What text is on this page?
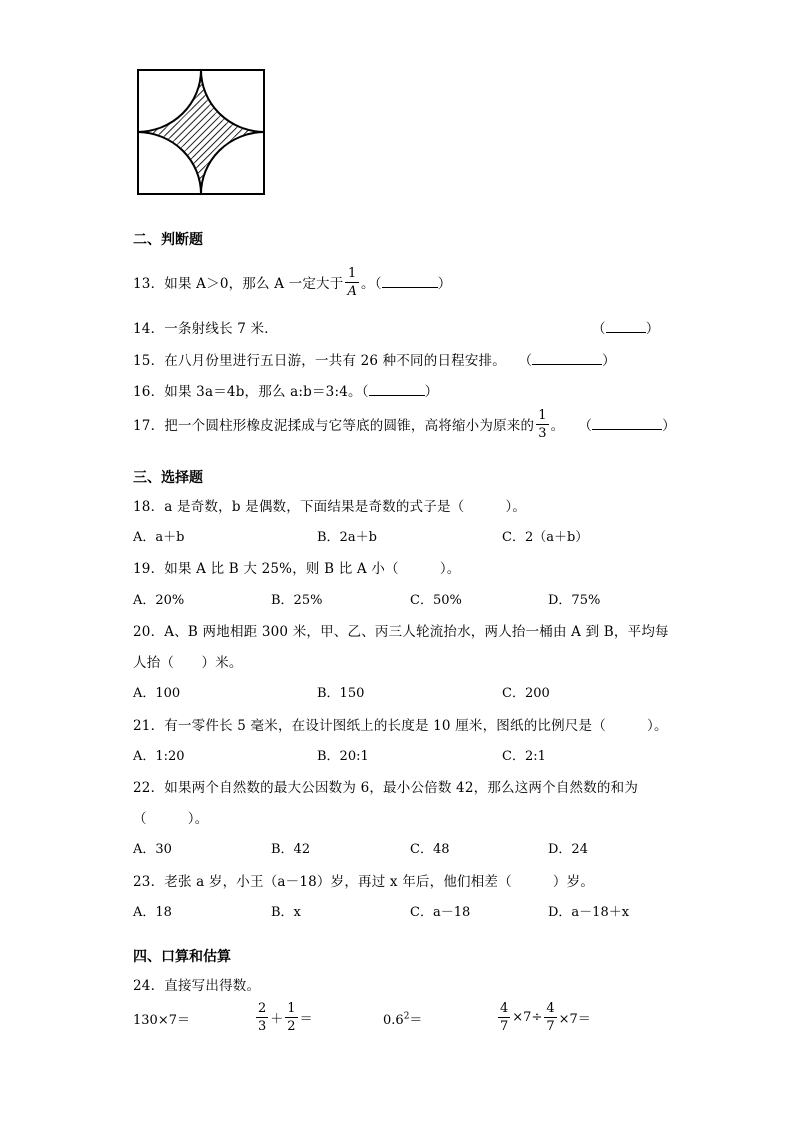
二、判断题
13．如果 A＞0，那么 A 一定大于 $\frac{1}{A}$ 。（	）
14．一条射线长 7 米．	（	）
15．在八月份里进行五日游，一共有 26 种不同的日程安排。 （	）
16．如果 3a＝4b，那么 a:b＝3:4。（	）
17．把一个圆柱形橡皮泥揉成与它等底的圆锥，高将缩小为原来的 $\frac{1}{3}$ 。 （	）
三、选择题
18．a 是奇数，b 是偶数，下面结果是奇数的式子是（　　　）。
A．a＋b	B．2a＋b	C．2（a＋b）
19．如果 A 比 B 大 25%，则 B 比 A 小（　　　）。
A．20%	B．25%	C．50%	D．75%
20．A、B 两地相距 300 米，甲、乙、丙三人轮流抬水，两人抬一桶由 A 到 B，平均每
人抬（　　）米。
A．100	B．150	C．200
21．有一零件长 5 毫米，在设计图纸上的长度是 10 厘米，图纸的比例尺是（　　　）。
A．1:20	B．20:1	C．2:1
22．如果两个自然数的最大公因数为 6，最小公倍数 42，那么这两个自然数的和为
（　　　）。
A．30	B．42	C．48	D．24
23．老张 a 岁，小王（a－18）岁，再过 x 年后，他们相差（　　　）岁。
A．18	B．x	C．a－18	D．a－18＋x
四、口算和估算
24．直接写出得数。
130×7＝	$\frac{2}{3} + \frac{1}{2}$ ＝	$0.6^2=$	$\frac{4}{7} \times 7\div \frac{4}{7} \times 7=$
